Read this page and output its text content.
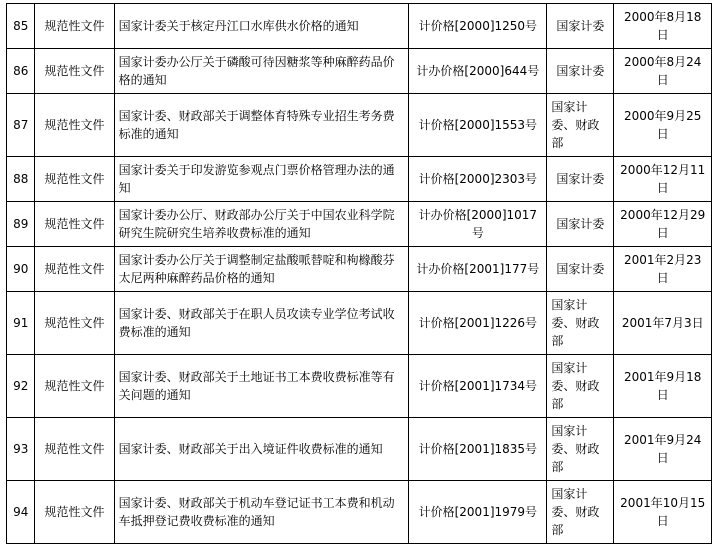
85	规范性文件	国家计委关于核定丹江口水库供水价格的通知	计价格[2000]1250号	国家计委	2000年8月18日
86	规范性文件	国家计委办公厅关于磷酸可待因糖浆等种麻醉药品价格的通知	计办价格[2000]644号	国家计委	2000年8月24日
87	规范性文件	国家计委、财政部关于调整体育特殊专业招生考务费标准的通知	计价格[2000]1553号	国家计委、财政部	2000年9月25日
88	规范性文件	国家计委关于印发游览参观点门票价格管理办法的通知	计价格[2000]2303号	国家计委	2000年12月11日
89	规范性文件	国家计委办公厅、财政部办公厅关于中国农业科学院研究生院研究生培养收费标准的通知	计办价格[2000]1017号	国家计委	2000年12月29日
90	规范性文件	国家计委办公厅关于调整制定盐酸哌替啶和枸橼酸芬太尼两种麻醉药品价格的通知	计办价格[2001]177号	国家计委	2001年2月23日
91	规范性文件	国家计委、财政部关于在职人员攻读专业学位考试收费标准的通知	计价格[2001]1226号	国家计委、财政部	2001年7月3日
92	规范性文件	国家计委、财政部关于土地证书工本费收费标准等有关问题的通知	计价格[2001]1734号	国家计委、财政部	2001年9月18日
93	规范性文件	国家计委、财政部关于出入境证件收费标准的通知	计价格[2001]1835号	国家计委、财政部	2001年9月24日
94	规范性文件	国家计委、财政部关于机动车登记证书工本费和机动车抵押登记费收费标准的通知	计价格[2001]1979号	国家计委、财政部	2001年10月15日
